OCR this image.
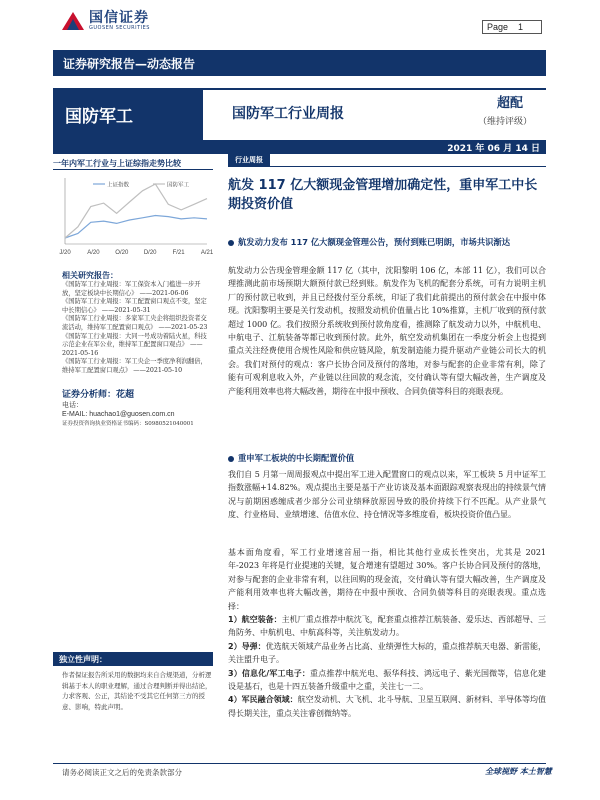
国信证券
GUOSEN SECURITIES	Page 1
证券研究报告—动态报告
国防军工	国防军工行业周报
超配
（维持评级）
2021 年 06 月 14 日
一年内军工行业与上证综指走势比较
上证指数	国防军工
J/20	A/20	O/20	D/20	F/21	A/21
相关研究报告：

《国防军工行业周报：军工保资本入门槛进一步开放，坚定板块中长期信心》 ——2021-06-06

《国防军工行业周报：军工配置窗口观点不变，坚定中长期信心》 ——2021-05-31

《国防军工行业周报：多家军工央企将组织投资者交流活动，维持军工配置窗口观点》 ——2021-05-23

《国防军工行业周报：大同一号成功着陆火星，科技示范企业在军公业，维持军工配置窗口观点》 ——2021-05-16

《国防军工行业周报：军工央企一季度净利润翻倍，维持军工配置窗口观点》 ——2021-05-10

证券分析师：花超
电话：
E-MAIL: huachao1@guosen.com.cn
证券投资咨询执业资格证书编码：S0980521040001
独立性声明：
作者保证报告所采用的数据均来自合规渠道，分析逻辑基于本人的职业理解，通过合理判断并得出结论，力求客观、公正，其结论不受其它任何第三方的授意、影响，特此声明。
行业周报
航发 117 亿大额现金管理增加确定性，重申军工中长期投资价值
航发动力发布 117 亿大额现金管理公告，预付到账已明朗，市场共识渐达
航发动力公告现金管理金额 117 亿（其中，沈阳黎明 106 亿，本部 11 亿），我们可以合理推测此前市场预期大额预付款已经到账。航发作为飞机的配套分系统，可有力说明主机厂的预付款已收到，并且已经拨付至分系统，印证了我们此前提出的预付款会在中报中体现。沈阳黎明主要是关行发动机，按照发动机价值量占比 10%推算，主机厂收到的预付款超过 1000 亿。我们按照分系统收到预付款角度看，推测除了航发动力以外，中航机电、中航电子、江航装备等都已收到预付款。此外，航空发动机集团在一季度分析会上也提到重点关注经费使用合规性风险和供应链风险，航发制造能力提升驱动产业链公司长大的机会。我们对预付的观点：客户长协合同及预付的落地，对参与配套的企业非常有利，除了能有可观利息收入外，产业链以往回款的观念流，交付确认等有望大幅改善，生产调度及产能利用效率也将大幅改善，期待在中报中预收、合同负债等科目的亮眼表现。
重申军工板块的中长期配置价值
我们自 5 月第一周周报观点中提出军工进入配置窗口的观点以来，军工板块 5 月中证军工指数涨幅+14.82%。观点提出主要是基于产业访谈及基本面跟踪观察表现出的持续景气情况与前期困惑缠成者少部分公司业绩释放原因导致的股价持续下行不匹配。从产业景气度、行业格局、业绩增速、估值水位、持仓情况等多维度看，板块投资价值凸显。
基本面角度看，军工行业增速首屈一指，相比其他行业成长性突出，尤其是 2021 年-2023 年将是行业提速的关键，复合增速有望超过 30%。客户长协合同及预付的落地，对参与配套的企业非常有利，以往回购的现金流，交付确认等有望大幅改善，生产调度及产能利用效率也将大幅改善，期待在中报中预收、合同负债等科目的亮眼表现。重点选择：
1）航空装备：主机厂重点推荐中航沈飞，配套重点推荐江航装备、爱乐达、西部超导、三角防务、中航机电、中航高科等，关注航发动力。
2）导弹：优选航天领域产品业务占比高、业绩弹性大标的，重点推荐航天电器、新雷能，关注盟升电子。
3）信息化/军工电子：重点推荐中航光电、振华科技、鸿远电子、紫光国微等，信息化建设是基石，也是十四五装备升级重中之重，关注七一二。
4）军民融合领域：航空发动机、大飞机、北斗导航、卫星互联网、新材料、半导体等均值得长期关注，重点关注睿创微纳等。
请务必阅读正文之后的免责条款部分	全球视野 本土智慧
